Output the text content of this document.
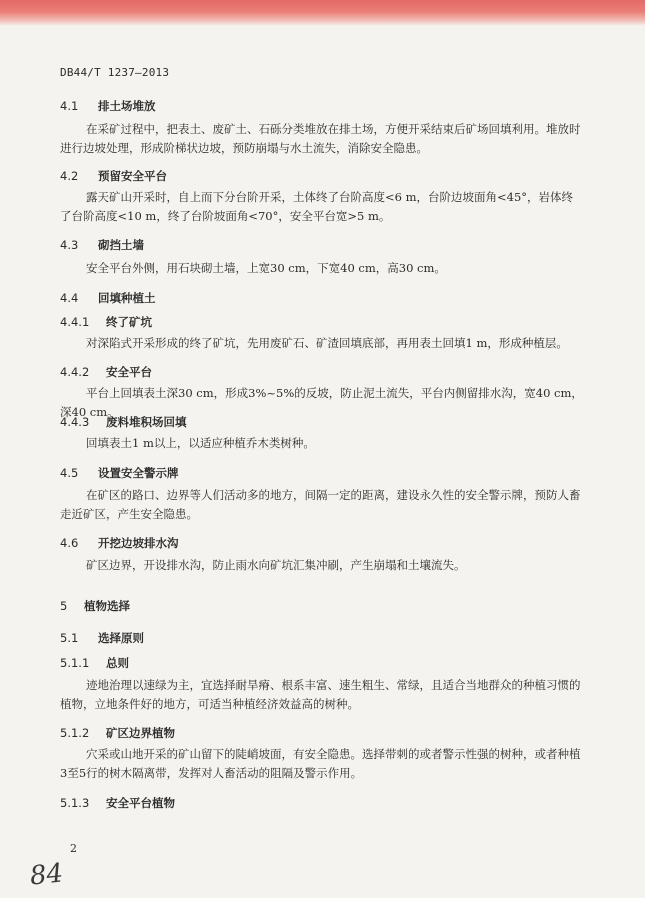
DB44/T 1237—2013
4.1 排土场堆放
在采矿过程中，把表土、废矿土、石砾分类堆放在排土场，方便开采结束后矿场回填利用。堆放时进行边坡处理，形成阶梯状边坡，预防崩塌与水土流失，消除安全隐患。
4.2 预留安全平台
露天矿山开采时，自上而下分台阶开采，土体终了台阶高度<6 m，台阶边坡面角<45°，岩体终了台阶高度<10 m，终了台阶坡面角<70°，安全平台宽>5 m。
4.3 砌挡土墙
安全平台外侧，用石块砌土墙，上宽30 cm，下宽40 cm，高30 cm。
4.4 回填种植土
4.4.1 终了矿坑
对深陷式开采形成的终了矿坑，先用废矿石、矿渣回填底部，再用表土回填1 m，形成种植层。
4.4.2 安全平台
平台上回填表土深30 cm，形成3%~5%的反坡，防止泥土流失，平台内侧留排水沟，宽40 cm，深40 cm。
4.4.3 废料堆积场回填
回填表土1 m以上，以适应种植乔木类树种。
4.5 设置安全警示牌
在矿区的路口、边界等人们活动多的地方，间隔一定的距离，建设永久性的安全警示牌，预防人畜走近矿区，产生安全隐患。
4.6 开挖边坡排水沟
矿区边界，开设排水沟，防止雨水向矿坑汇集冲刷，产生崩塌和土壤流失。
5 植物选择
5.1 选择原则
5.1.1 总则
迹地治理以速绿为主，宜选择耐旱瘠、根系丰富、速生粗生、常绿，且适合当地群众的种植习惯的植物，立地条件好的地方，可适当种植经济效益高的树种。
5.1.2 矿区边界植物
穴采或山地开采的矿山留下的陡峭坡面，有安全隐患。选择带刺的或者警示性强的树种，或者种植3至5行的树木隔离带，发挥对人畜活动的阻隔及警示作用。
5.1.3 安全平台植物
2
84
